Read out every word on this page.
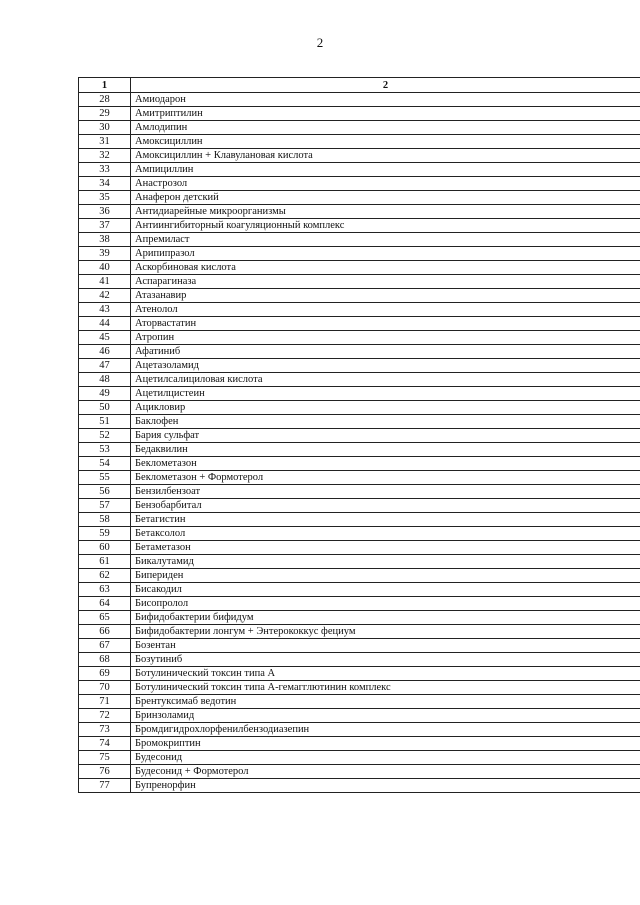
2
1	2
28	Амиодарон
29	Амитриптилин
30	Амлодипин
31	Амоксициллин
32	Амоксициллин + Клавулановая кислота
33	Ампициллин
34	Анастрозол
35	Анаферон детский
36	Антидиарейные микроорганизмы
37	Антиингибиторный коагуляционный комплекс
38	Апремиласт
39	Арипипразол
40	Аскорбиновая кислота
41	Аспарагиназа
42	Атазанавир
43	Атенолол
44	Аторвастатин
45	Атропин
46	Афатиниб
47	Ацетазоламид
48	Ацетилсалициловая кислота
49	Ацетилцистеин
50	Ацикловир
51	Баклофен
52	Бария сульфат
53	Бедаквилин
54	Беклометазон
55	Беклометазон + Формотерол
56	Бензилбензоат
57	Бензобарбитал
58	Бетагистин
59	Бетаксолол
60	Бетаметазон
61	Бикалутамид
62	Бипериден
63	Бисакодил
64	Бисопролол
65	Бифидобактерии бифидум
66	Бифидобактерии лонгум + Энтерококкус фециум
67	Бозентан
68	Бозутиниб
69	Ботулинический токсин типа А
70	Ботулинический токсин типа А-гемагглютинин комплекс
71	Брентуксимаб ведотин
72	Бринзоламид
73	Бромдигидрохлорфенилбензодиазепин
74	Бромокриптин
75	Будесонид
76	Будесонид + Формотерол
77	Бупренорфин
